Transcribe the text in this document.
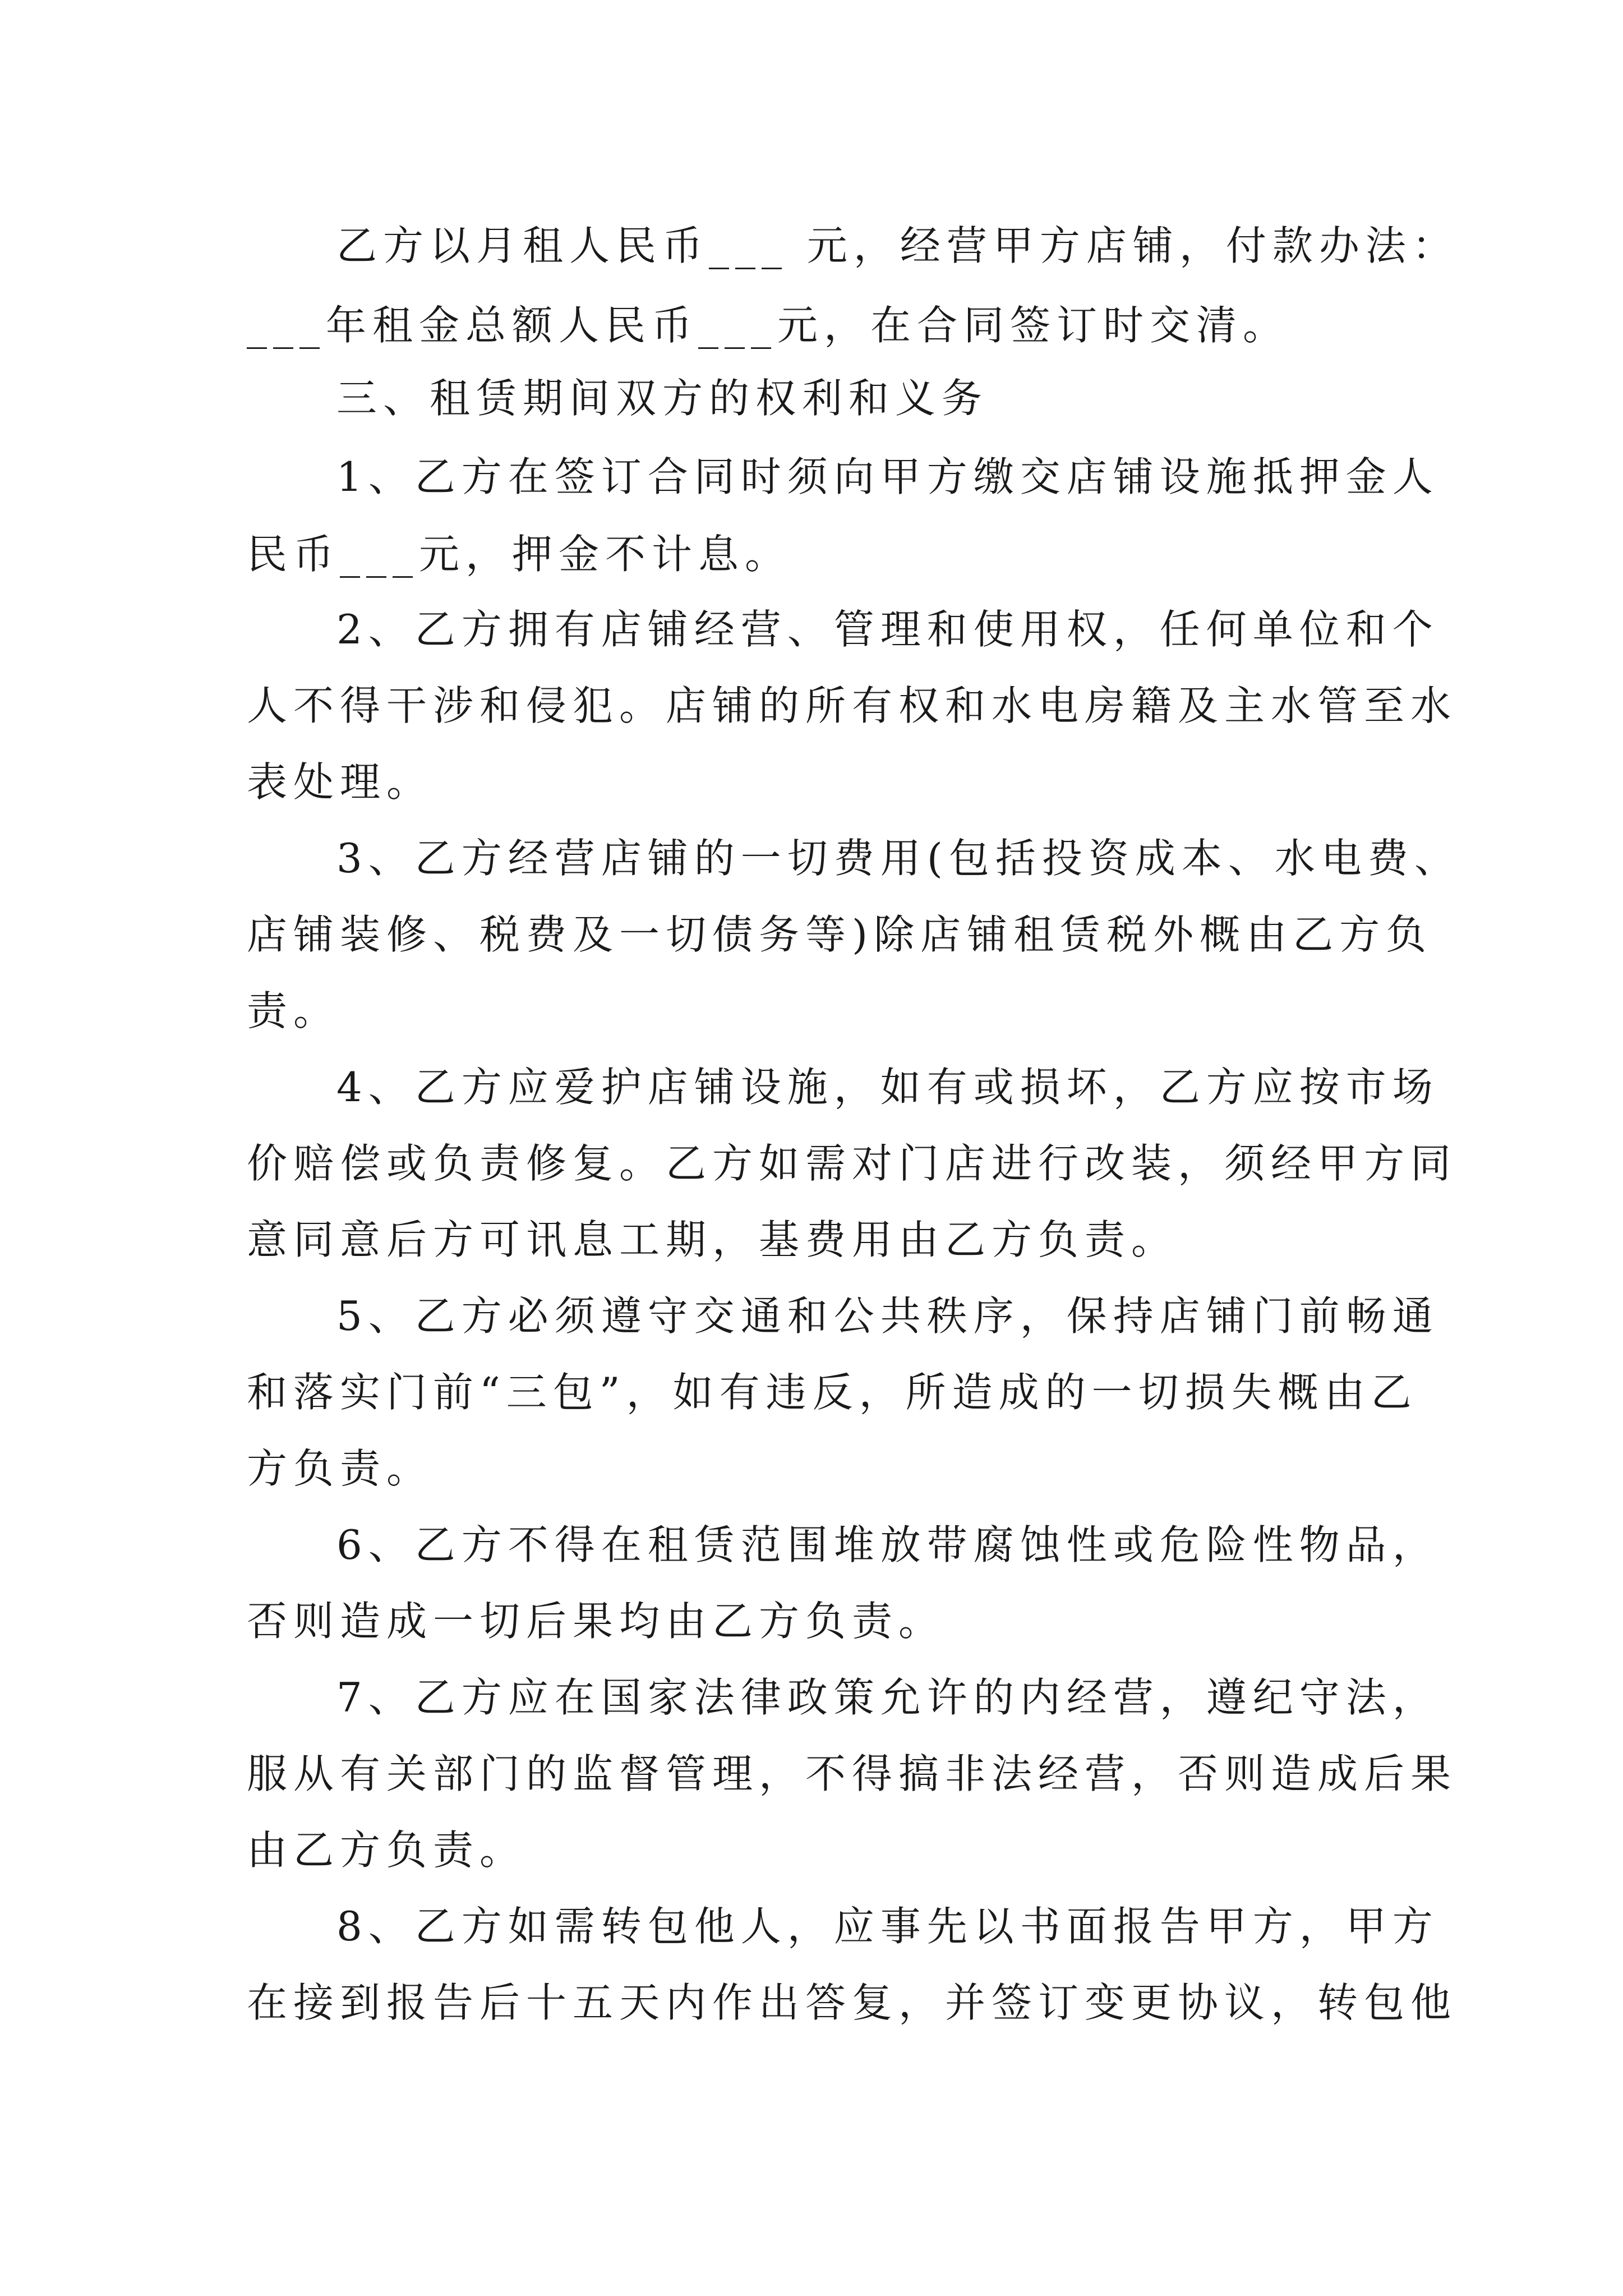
乙方以月租人民币___ 元，经营甲方店铺，付款办法：

___年租金总额人民币___元，在合同签订时交清。

三、租赁期间双方的权利和义务

1、乙方在签订合同时须向甲方缴交店铺设施抵押金人

民币___元，押金不计息。

2、乙方拥有店铺经营、管理和使用权，任何单位和个

人不得干涉和侵犯。店铺的所有权和水电房籍及主水管至水

表处理。

3、乙方经营店铺的一切费用(包括投资成本、水电费、

店铺装修、税费及一切债务等)除店铺租赁税外概由乙方负

责。

4、乙方应爱护店铺设施，如有或损坏，乙方应按市场

价赔偿或负责修复。乙方如需对门店进行改装，须经甲方同

意同意后方可讯息工期，基费用由乙方负责。

5、乙方必须遵守交通和公共秩序，保持店铺门前畅通

和落实门前“三包”，如有违反，所造成的一切损失概由乙

方负责。

6、乙方不得在租赁范围堆放带腐蚀性或危险性物品，

否则造成一切后果均由乙方负责。

7、乙方应在国家法律政策允许的内经营，遵纪守法，

服从有关部门的监督管理，不得搞非法经营，否则造成后果

由乙方负责。

8、乙方如需转包他人，应事先以书面报告甲方，甲方

在接到报告后十五天内作出答复，并签订变更协议，转包他
